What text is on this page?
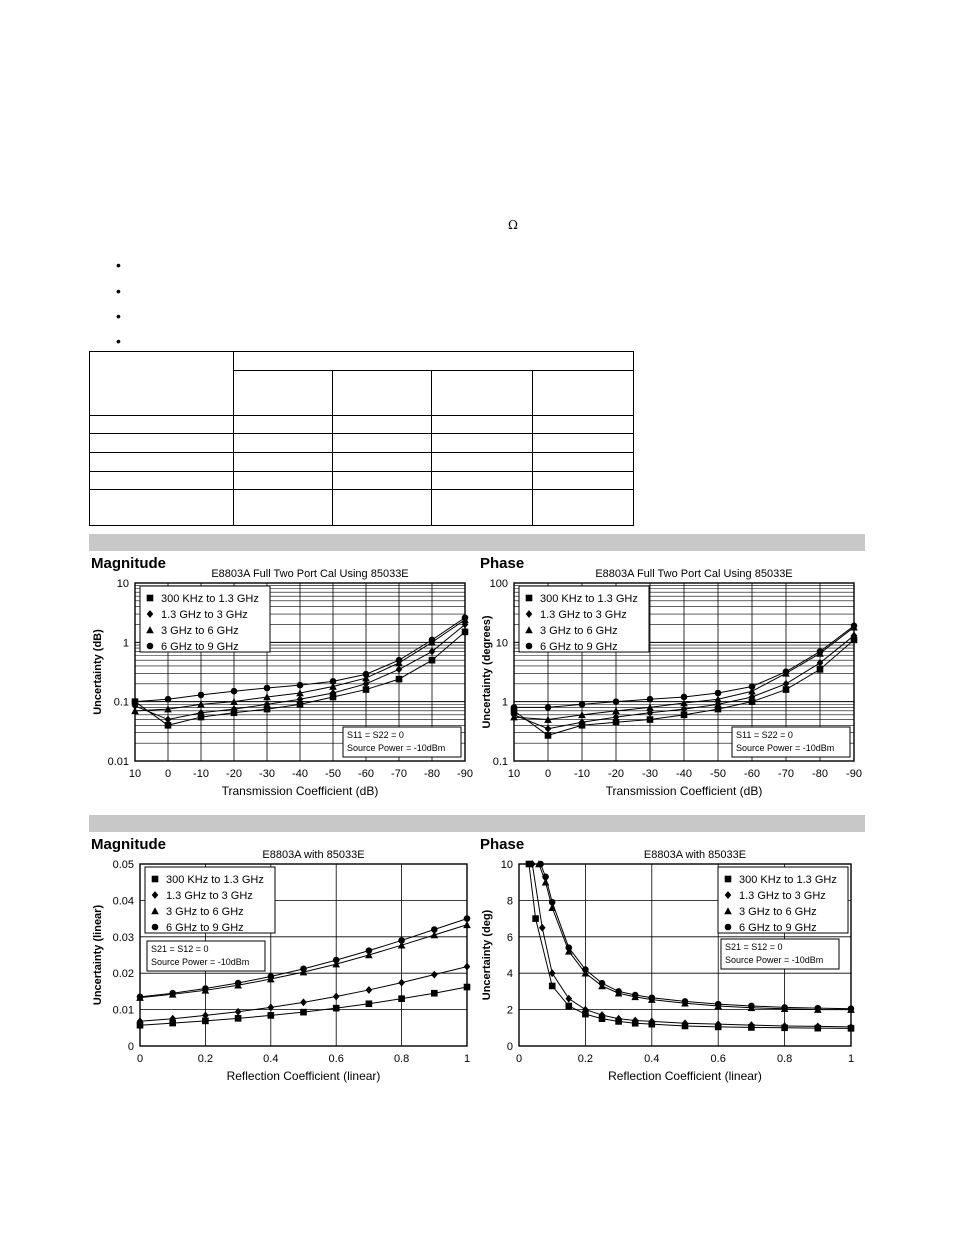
Ω
•
•
•
•

Magnitude
E8803A Full Two Port Cal Using 85033E
10 0 -10 -20 -30 -40 -50 -60 -70 -80 -90
0.01
0.1
1
10
Transmission Coefficient (dB)
Uncertainty (dB)
300 KHz to 1.3 GHz
1.3 GHz to 3 GHz
3 GHz to 6 GHz
6 GHz to 9 GHz
S11 = S22 = 0
Source Power = -10dBm
Phase
E8803A Full Two Port Cal Using 85033E
10 0 -10 -20 -30 -40 -50 -60 -70 -80 -90
0.1
1
10
100
Transmission Coefficient (dB)
Uncertainty (degrees)
300 KHz to 1.3 GHz
1.3 GHz to 3 GHz
3 GHz to 6 GHz
6 GHz to 9 GHz
S11 = S22 = 0
Source Power = -10dBm
Magnitude
E8803A with 85033E
0	0.2	0.4	0.6	0.8	1
0
0.01
0.02
0.03
0.04
0.05
Reflection Coefficient (linear)
Uncertainty (linear)
300 KHz to 1.3 GHz
1.3 GHz to 3 GHz
3 GHz to 6 GHz
6 GHz to 9 GHz
S21 = S12 = 0
Source Power = -10dBm
Phase
E8803A with 85033E
0	0.2	0.4	0.6	0.8	1
0
2
4
6
8
10
Reflection Coefficient (linear)
Uncertainty (deg)
300 KHz to 1.3 GHz
1.3 GHz to 3 GHz
3 GHz to 6 GHz
6 GHz to 9 GHz
S21 = S12 = 0
Source Power = -10dBm
